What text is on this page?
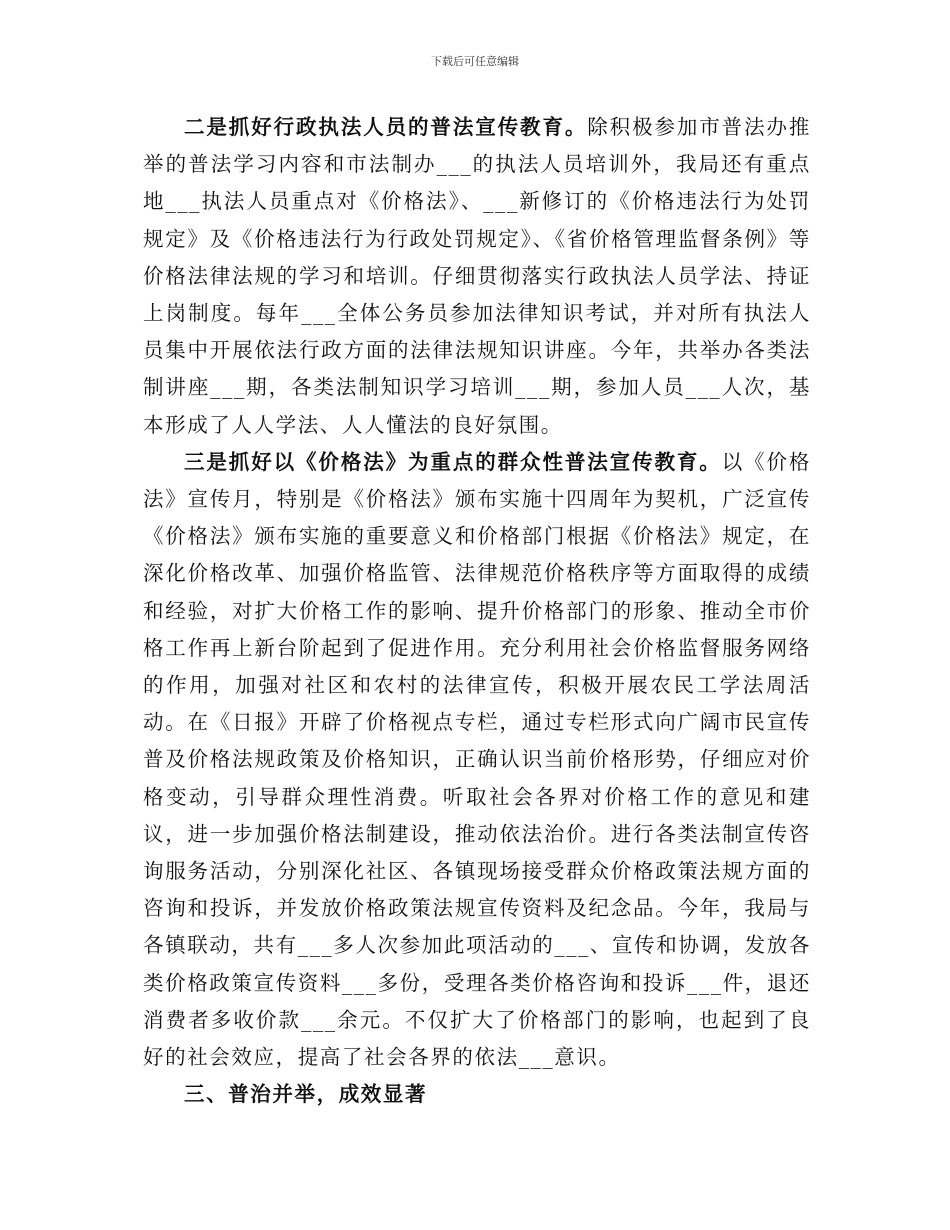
下载后可任意编辑

二是抓好行政执法人员的普法宣传教育。除积极参加市普法办推举的普法学习内容和市法制办___的执法人员培训外，我局还有重点地___执法人员重点对《价格法》、___新修订的《价格违法行为处罚规定》及《价格违法行为行政处罚规定》、《省价格管理监督条例》等价格法律法规的学习和培训。仔细贯彻落实行政执法人员学法、持证上岗制度。每年___全体公务员参加法律知识考试，并对所有执法人员集中开展依法行政方面的法律法规知识讲座。今年，共举办各类法制讲座___期，各类法制知识学习培训___期，参加人员___人次，基本形成了人人学法、人人懂法的良好氛围。

三是抓好以《价格法》为重点的群众性普法宣传教育。以《价格法》宣传月，特别是《价格法》颁布实施十四周年为契机，广泛宣传《价格法》颁布实施的重要意义和价格部门根据《价格法》规定，在深化价格改革、加强价格监管、法律规范价格秩序等方面取得的成绩和经验，对扩大价格工作的影响、提升价格部门的形象、推动全市价格工作再上新台阶起到了促进作用。充分利用社会价格监督服务网络的作用，加强对社区和农村的法律宣传，积极开展农民工学法周活动。在《日报》开辟了价格视点专栏，通过专栏形式向广阔市民宣传普及价格法规政策及价格知识，正确认识当前价格形势，仔细应对价格变动，引导群众理性消费。听取社会各界对价格工作的意见和建议，进一步加强价格法制建设，推动依法治价。进行各类法制宣传咨询服务活动，分别深化社区、各镇现场接受群众价格政策法规方面的咨询和投诉，并发放价格政策法规宣传资料及纪念品。今年，我局与各镇联动，共有___多人次参加此项活动的___、宣传和协调，发放各类价格政策宣传资料___多份，受理各类价格咨询和投诉___件，退还消费者多收价款___余元。不仅扩大了价格部门的影响，也起到了良好的社会效应，提高了社会各界的依法___意识。

三、普治并举，成效显著
